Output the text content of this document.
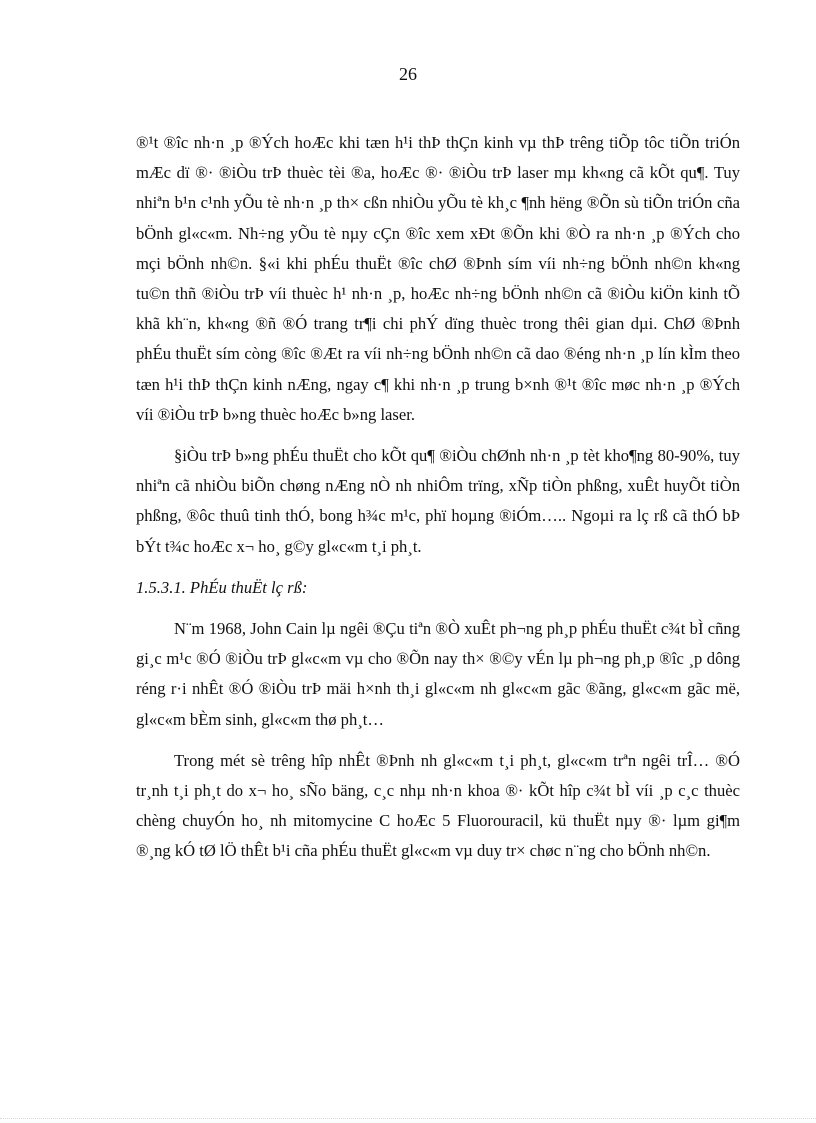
26

®¹t ®îc nh·n ¸p ®Ých hoÆc khi tæn h¹i thÞ thÇn kinh vµ thÞ trêng tiÕp tôc tiÕn triÓn mÆc dï ®· ®iÒu trÞ thuèc tèi ®a, hoÆc ®· ®iÒu trÞ laser mµ kh«ng cã kÕt qu¶. Tuy nhiªn b¹n c¹nh yÕu tè nh·n ¸p th× cßn nhiÒu yÕu tè kh¸c ¶nh hëng ®Õn sù tiÕn triÓn cña bÖnh gl«c«m. Nh÷ng yÕu tè nµy cÇn ®îc xem xÐt ®Õn khi ®Ò ra nh·n ¸p ®Ých cho mçi bÖnh nh©n. §«i khi phÉu thuËt ®îc chØ ®Þnh sím víi nh÷ng bÖnh nh©n kh«ng tu©n thñ ®iÒu trÞ víi thuèc h¹ nh·n ¸p, hoÆc nh÷ng bÖnh nh©n cã ®iÒu kiÖn kinh tÕ khã kh¨n, kh«ng ®ñ ®Ó trang tr¶i chi phÝ dïng thuèc trong thêi gian dµi. ChØ ®Þnh phÉu thuËt sím còng ®îc ®Æt ra víi nh÷ng bÖnh nh©n cã dao ®éng nh·n ¸p lín kÌm theo tæn h¹i thÞ thÇn kinh nÆng, ngay c¶ khi nh·n ¸p trung b×nh ®¹t ®îc møc nh·n ¸p ®Ých víi ®iÒu trÞ b»ng thuèc hoÆc b»ng laser.

§iÒu trÞ b»ng phÉu thuËt cho kÕt qu¶ ®iÒu chØnh nh·n ¸p tèt kho¶ng 80-90%, tuy nhiªn cã nhiÒu biÕn chøng nÆng nÒ nh nhiÔm trïng, xÑp tiÒn phßng, xuÊt huyÕt tiÒn phßng, ®ôc thuû tinh thÓ, bong h¾c m¹c, phï hoµng ®iÓm….. Ngoµi ra lç rß cã thÓ bÞ bÝt t¾c hoÆc x¬ ho¸ g©y gl«c«m t¸i ph¸t.

1.5.3.1. PhÉu thuËt lç rß:

N¨m 1968, John Cain lµ ngêi ®Çu tiªn ®Ò xuÊt ph¬ng ph¸p phÉu thuËt c¾t bÌ cñng gi¸c m¹c ®Ó ®iÒu trÞ gl«c«m vµ cho ®Õn nay th× ®©y vÉn lµ ph¬ng ph¸p ®îc ¸p dông réng r·i nhÊt ®Ó ®iÒu trÞ mäi h×nh th¸i gl«c«m nh gl«c«m gãc ®ãng, gl«c«m gãc më, gl«c«m bÈm sinh, gl«c«m thø ph¸t…

Trong mét sè trêng hîp nhÊt ®Þnh nh gl«c«m t¸i ph¸t, gl«c«m trªn ngêi trÎ… ®Ó tr¸nh t¸i ph¸t do x¬ ho¸ sÑo bäng, c¸c nhµ nh·n khoa ®· kÕt hîp c¾t bÌ víi ¸p c¸c thuèc chèng chuyÓn ho¸ nh mitomycine C hoÆc 5 Fluorouracil, kü thuËt nµy ®· lµm gi¶m ®¸ng kÓ tØ lÖ thÊt b¹i cña phÉu thuËt gl«c«m vµ duy tr× chøc n¨ng cho bÖnh nh©n.
